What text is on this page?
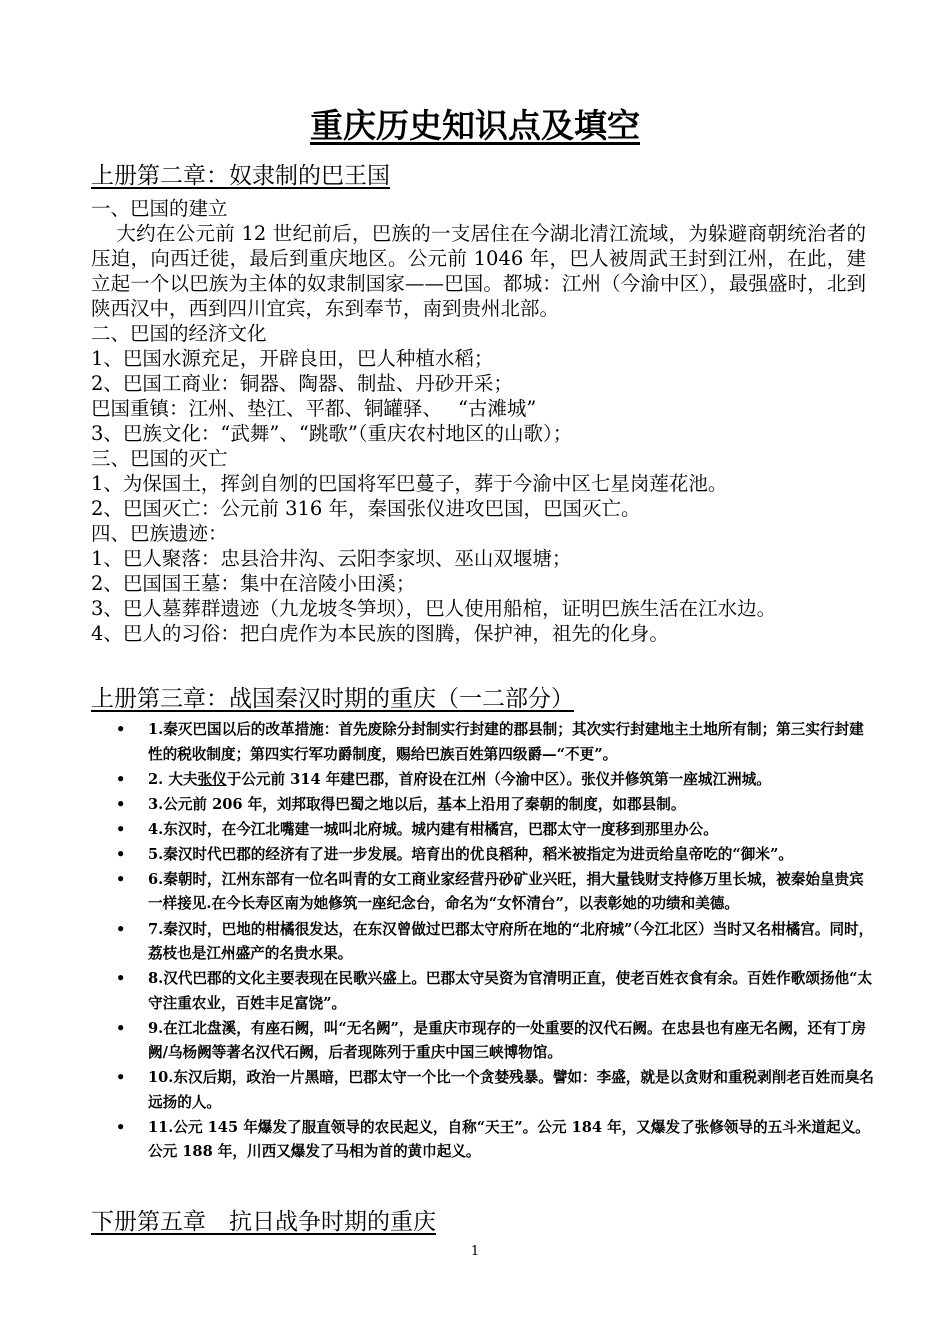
重庆历史知识点及填空
上册第二章：奴隶制的巴王国

一、巴国的建立

大约在公元前 12 世纪前后，巴族的一支居住在今湖北清江流域，为躲避商朝统治者的压迫，向西迁徙，最后到重庆地区。公元前 1046 年，巴人被周武王封到江州，在此，建立起一个以巴族为主体的奴隶制国家——巴国。都城：江州（今渝中区），最强盛时，北到陕西汉中，西到四川宜宾，东到奉节，南到贵州北部。

二、巴国的经济文化

1、巴国水源充足，开辟良田，巴人种植水稻；

2、巴国工商业：铜器、陶器、制盐、丹砂开采；

巴国重镇：江州、垫江、平都、铜罐驿、　 “古滩城”

3、巴族文化：“武舞”、“跳歌”（重庆农村地区的山歌）；

三、巴国的灭亡

1、为保国土，挥剑自刎的巴国将军巴蔓子，葬于今渝中区七星岗莲花池。

2、巴国灭亡：公元前 316 年，秦国张仪进攻巴国，巴国灭亡。

四、巴族遗迹：

1、巴人聚落：忠县洽井沟、云阳李家坝、巫山双堰塘；

2、巴国国王墓：集中在涪陵小田溪；

3、巴人墓葬群遗迹（九龙坡冬笋坝），巴人使用船棺，证明巴族生活在江水边。

4、巴人的习俗：把白虎作为本民族的图腾，保护神，祖先的化身。

上册第三章：战国秦汉时期的重庆（一二部分）
• 1.秦灭巴国以后的改革措施：首先废除分封制实行封建的郡县制；其次实行封建地主土地所有制；第三实行封建性的税收制度；第四实行军功爵制度，赐给巴族百姓第四级爵—“不更”。
• 2. 大夫张仪于公元前 314 年建巴郡，首府设在江州（今渝中区）。张仪并修筑第一座城江洲城。
• 3.公元前 206 年，刘邦取得巴蜀之地以后，基本上沿用了秦朝的制度，如郡县制。
• 4.东汉时，在今江北嘴建一城叫北府城。城内建有柑橘宫，巴郡太守一度移到那里办公。
• 5.秦汉时代巴郡的经济有了进一步发展。培育出的优良稻种，稻米被指定为进贡给皇帝吃的“御米”。
• 6.秦朝时，江州东部有一位名叫青的女工商业家经营丹砂矿业兴旺，捐大量钱财支持修万里长城，被秦始皇贵宾一样接见.在今长寿区南为她修筑一座纪念台，命名为“女怀清台”，以表彰她的功绩和美德。
• 7.秦汉时，巴地的柑橘很发达，在东汉曾做过巴郡太守府所在地的“北府城”（今江北区）当时又名柑橘宫。同时，荔枝也是江州盛产的名贵水果。
• 8.汉代巴郡的文化主要表现在民歌兴盛上。巴郡太守吴资为官清明正直，使老百姓衣食有余。百姓作歌颂扬他“太守注重农业，百姓丰足富饶”。
• 9.在江北盘溪，有座石阙，叫“无名阙”，是重庆市现存的一处重要的汉代石阙。在忠县也有座无名阙，还有丁房阙/乌杨阙等著名汉代石阙，后者现陈列于重庆中国三峡博物馆。
• 10.东汉后期，政治一片黑暗，巴郡太守一个比一个贪婪残暴。譬如：李盛，就是以贪财和重税剥削老百姓而臭名远扬的人。
• 11.公元 145 年爆发了服直领导的农民起义，自称“天王”。公元 184 年，又爆发了张修领导的五斗米道起义。公元 188 年，川西又爆发了马相为首的黄巾起义。
下册第五章　抗日战争时期的重庆
1
